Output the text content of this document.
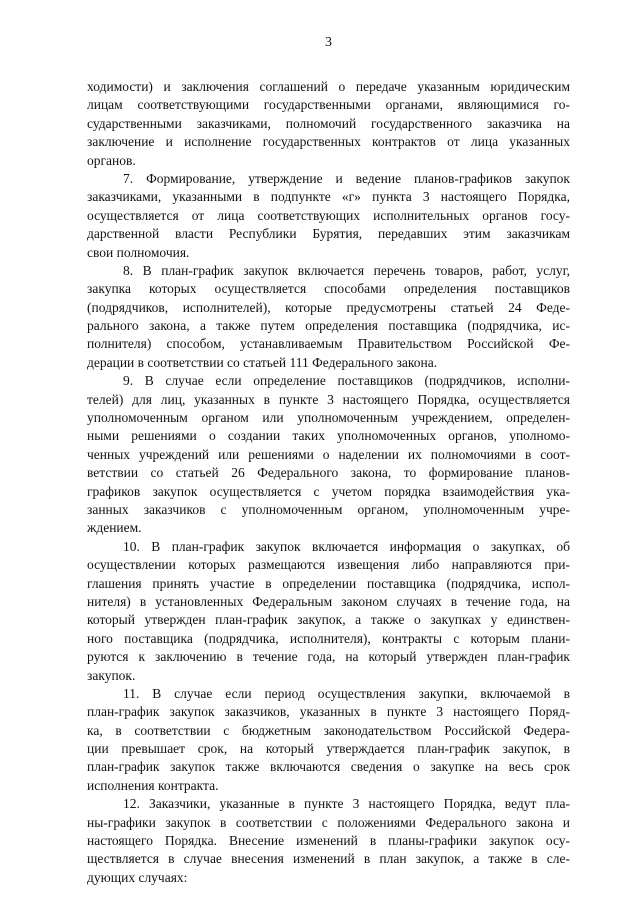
3
ходимости) и заключения соглашений о передаче указанным юридическим
лицам соответствующими государственными органами, являющимися го-
сударственными заказчиками, полномочий государственного заказчика на
заключение и исполнение государственных контрактов от лица указанных
органов.
7. Формирование, утверждение и ведение планов-графиков закупок
заказчиками, указанными в подпункте «г» пункта 3 настоящего Порядка,
осуществляется от лица соответствующих исполнительных органов госу-
дарственной власти Республики Бурятия, передавших этим заказчикам
свои полномочия.
8. В план-график закупок включается перечень товаров, работ, услуг,
закупка которых осуществляется способами определения поставщиков
(подрядчиков, исполнителей), которые предусмотрены статьей 24 Феде-
рального закона, а также путем определения поставщика (подрядчика, ис-
полнителя) способом, устанавливаемым Правительством Российской Фе-
дерации в соответствии со статьей 111 Федерального закона.
9. В случае если определение поставщиков (подрядчиков, исполни-
телей) для лиц, указанных в пункте 3 настоящего Порядка, осуществляется
уполномоченным органом или уполномоченным учреждением, определен-
ными решениями о создании таких уполномоченных органов, уполномо-
ченных учреждений или решениями о наделении их полномочиями в соот-
ветствии со статьей 26 Федерального закона, то формирование планов-
графиков закупок осуществляется с учетом порядка взаимодействия ука-
занных заказчиков с уполномоченным органом, уполномоченным учре-
ждением.
10. В план-график закупок включается информация о закупках, об
осуществлении которых размещаются извещения либо направляются при-
глашения принять участие в определении поставщика (подрядчика, испол-
нителя) в установленных Федеральным законом случаях в течение года, на
который утвержден план-график закупок, а также о закупках у единствен-
ного поставщика (подрядчика, исполнителя), контракты с которым плани-
руются к заключению в течение года, на который утвержден план-график
закупок.
11. В случае если период осуществления закупки, включаемой в
план-график закупок заказчиков, указанных в пункте 3 настоящего Поряд-
ка, в соответствии с бюджетным законодательством Российской Федера-
ции превышает срок, на который утверждается план-график закупок, в
план-график закупок также включаются сведения о закупке на весь срок
исполнения контракта.
12. Заказчики, указанные в пункте 3 настоящего Порядка, ведут пла-
ны-графики закупок в соответствии с положениями Федерального закона и
настоящего Порядка. Внесение изменений в планы-графики закупок осу-
ществляется в случае внесения изменений в план закупок, а также в сле-
дующих случаях:
